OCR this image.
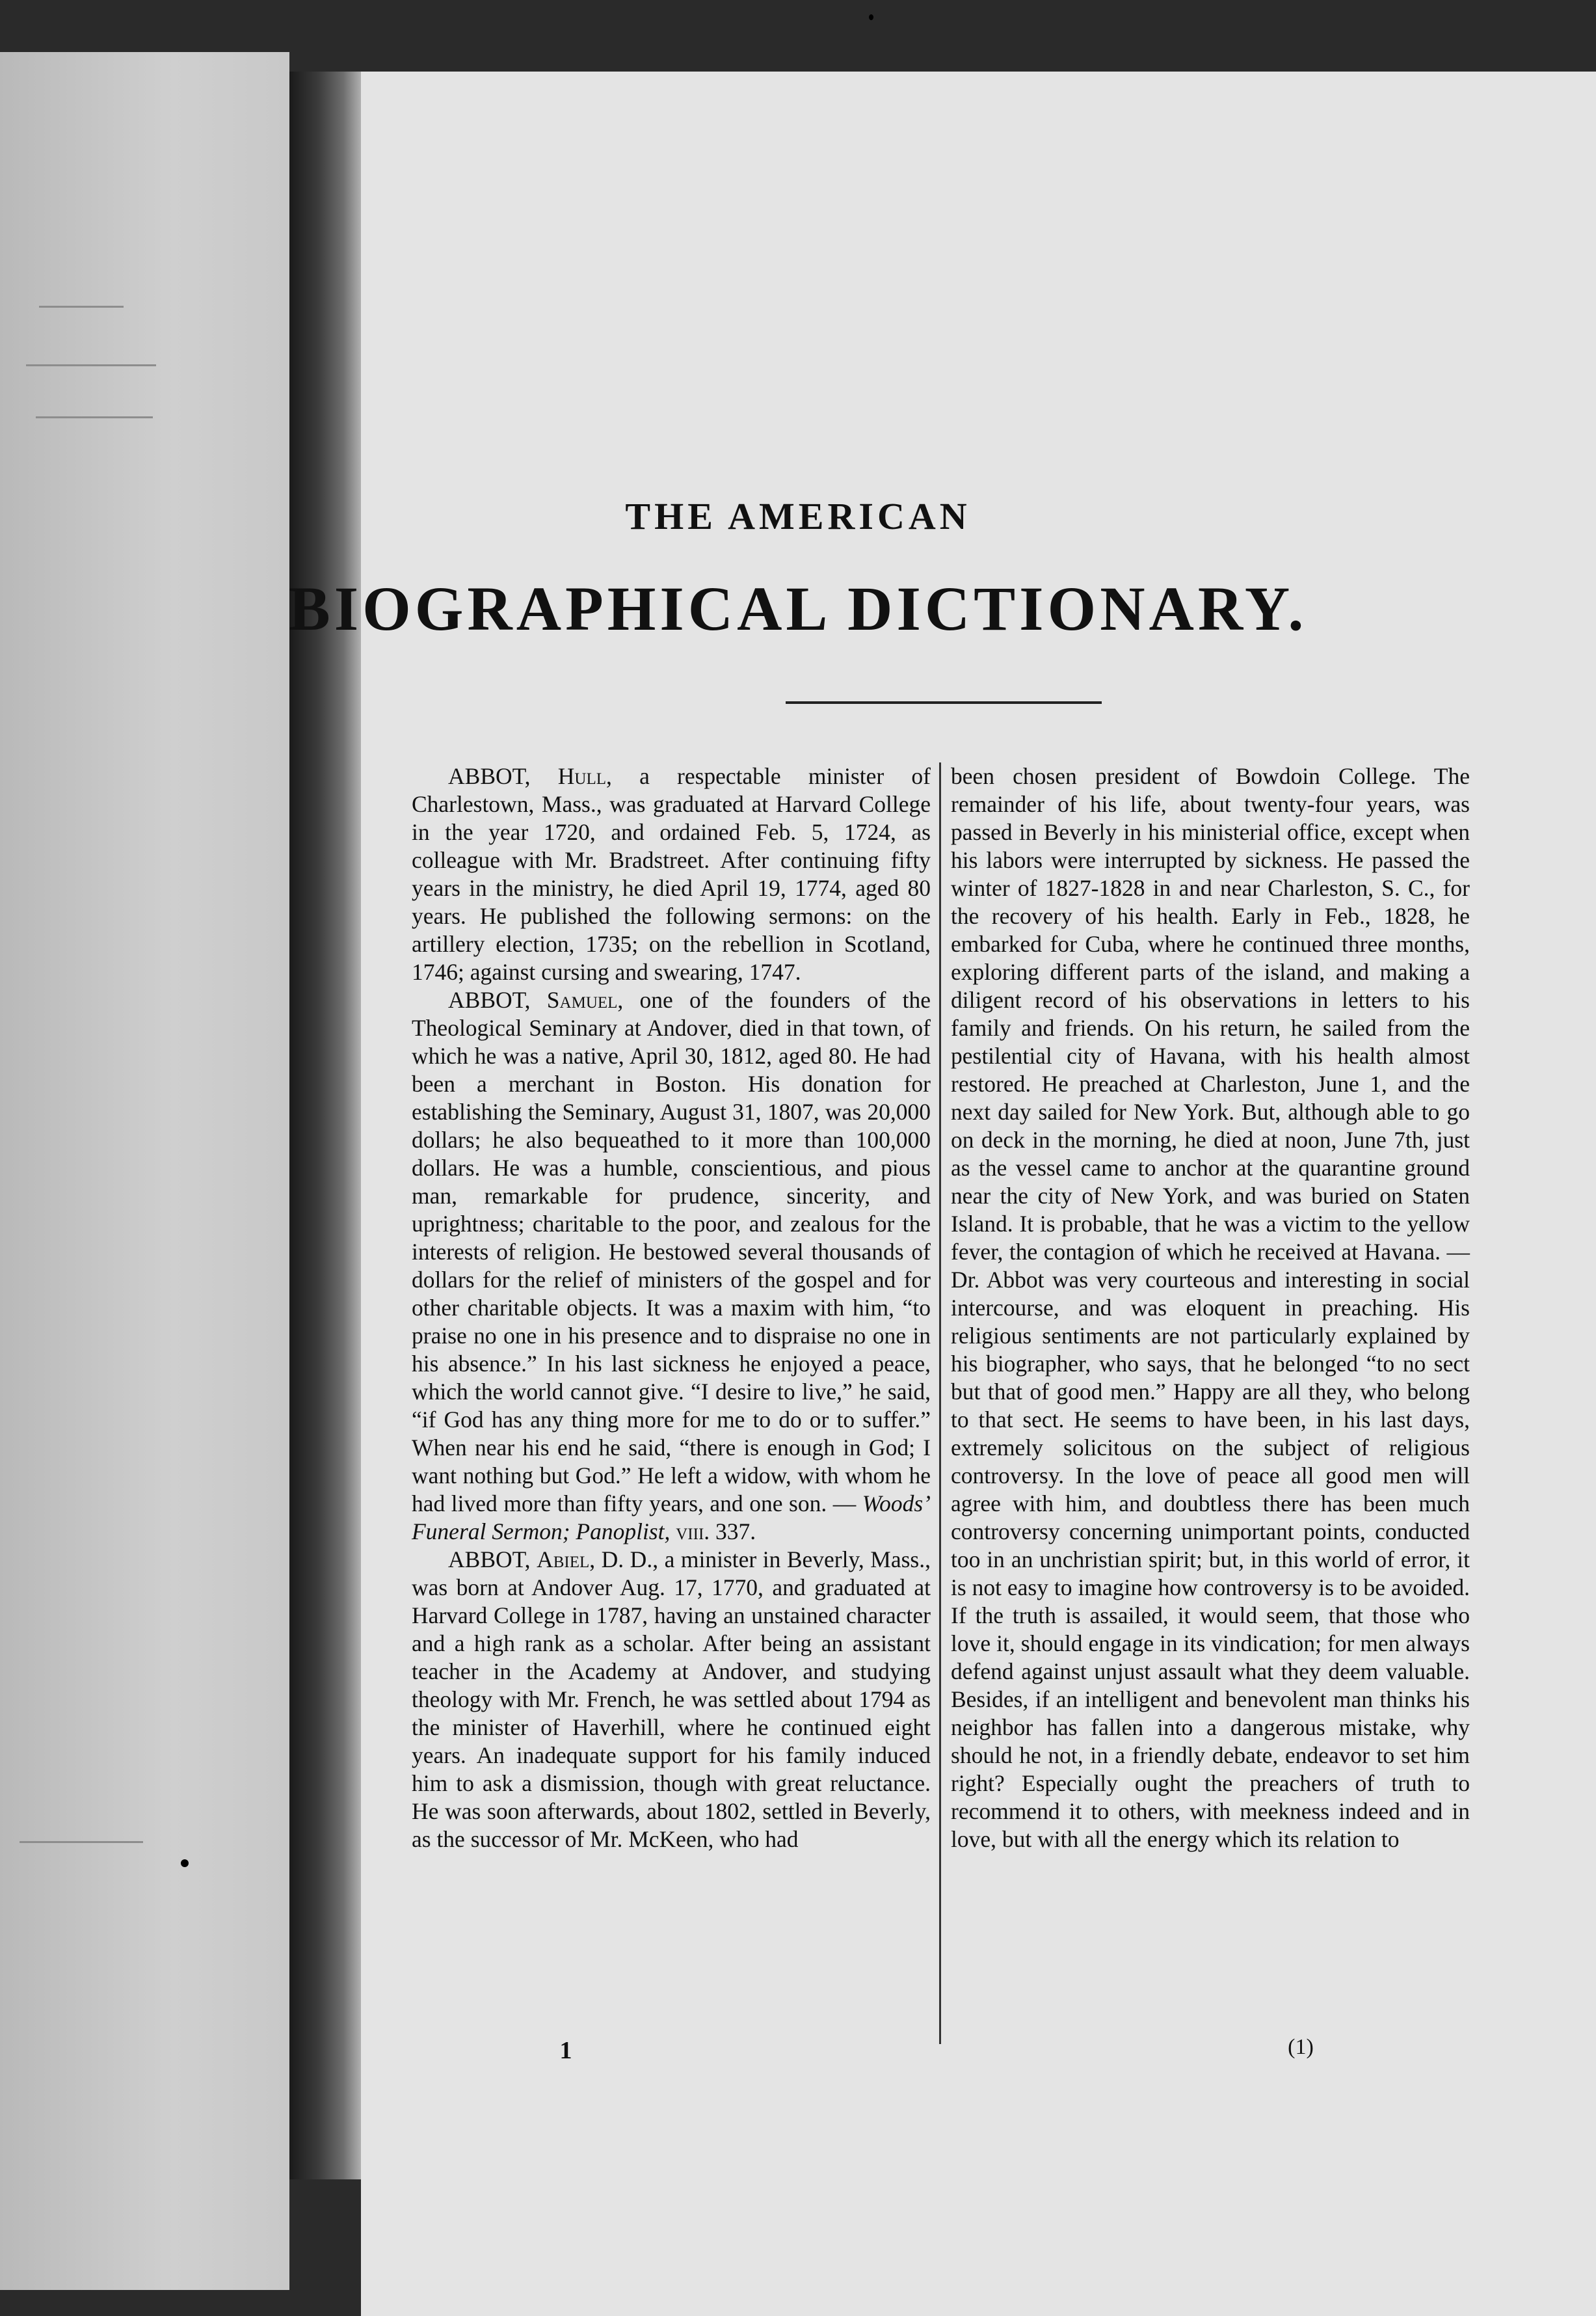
THE AMERICAN
BIOGRAPHICAL DICTIONARY.

ABBOT, Hull, a respectable minister of Charlestown, Mass., was graduated at Harvard College in the year 1720, and ordained Feb. 5, 1724, as colleague with Mr. Bradstreet. After continuing fifty years in the ministry, he died April 19, 1774, aged 80 years. He published the following sermons: on the artillery election, 1735; on the rebellion in Scotland, 1746; against cursing and swearing, 1747.

ABBOT, Samuel, one of the founders of the Theological Seminary at Andover, died in that town, of which he was a native, April 30, 1812, aged 80. He had been a merchant in Boston. His donation for establishing the Seminary, August 31, 1807, was 20,000 dollars; he also bequeathed to it more than 100,000 dollars. He was a humble, conscientious, and pious man, remarkable for prudence, sincerity, and uprightness; charitable to the poor, and zealous for the interests of religion. He bestowed several thousands of dollars for the relief of ministers of the gospel and for other charitable objects. It was a maxim with him, “to praise no one in his presence and to dispraise no one in his absence.” In his last sickness he enjoyed a peace, which the world cannot give. “I desire to live,” he said, “if God has any thing more for me to do or to suffer.” When near his end he said, “there is enough in God; I want nothing but God.” He left a widow, with whom he had lived more than fifty years, and one son. — Woods’ Funeral Sermon; Panoplist, viii. 337.

ABBOT, Abiel, D. D., a minister in Beverly, Mass., was born at Andover Aug. 17, 1770, and graduated at Harvard College in 1787, having an unstained character and a high rank as a scholar. After being an assistant teacher in the Academy at Andover, and studying theology with Mr. French, he was settled about 1794 as the minister of Haverhill, where he continued eight years. An inadequate support for his family induced him to ask a dismission, though with great reluctance. He was soon afterwards, about 1802, settled in Beverly, as the successor of Mr. McKeen, who had

been chosen president of Bowdoin College. The remainder of his life, about twenty-four years, was passed in Beverly in his ministerial office, except when his labors were interrupted by sickness. He passed the winter of 1827-1828 in and near Charleston, S. C., for the recovery of his health. Early in Feb., 1828, he embarked for Cuba, where he continued three months, exploring different parts of the island, and making a diligent record of his observations in letters to his family and friends. On his return, he sailed from the pestilential city of Havana, with his health almost restored. He preached at Charleston, June 1, and the next day sailed for New York. But, although able to go on deck in the morning, he died at noon, June 7th, just as the vessel came to anchor at the quarantine ground near the city of New York, and was buried on Staten Island. It is probable, that he was a victim to the yellow fever, the contagion of which he received at Havana. — Dr. Abbot was very courteous and interesting in social intercourse, and was eloquent in preaching. His religious sentiments are not particularly explained by his biographer, who says, that he belonged “to no sect but that of good men.” Happy are all they, who belong to that sect. He seems to have been, in his last days, extremely solicitous on the subject of religious controversy. In the love of peace all good men will agree with him, and doubtless there has been much controversy concerning unimportant points, conducted too in an unchristian spirit; but, in this world of error, it is not easy to imagine how controversy is to be avoided. If the truth is assailed, it would seem, that those who love it, should engage in its vindication; for men always defend against unjust assault what they deem valuable. Besides, if an intelligent and benevolent man thinks his neighbor has fallen into a dangerous mistake, why should he not, in a friendly debate, endeavor to set him right? Especially ought the preachers of truth to recommend it to others, with meekness indeed and in love, but with all the energy which its relation to

1	(1)
